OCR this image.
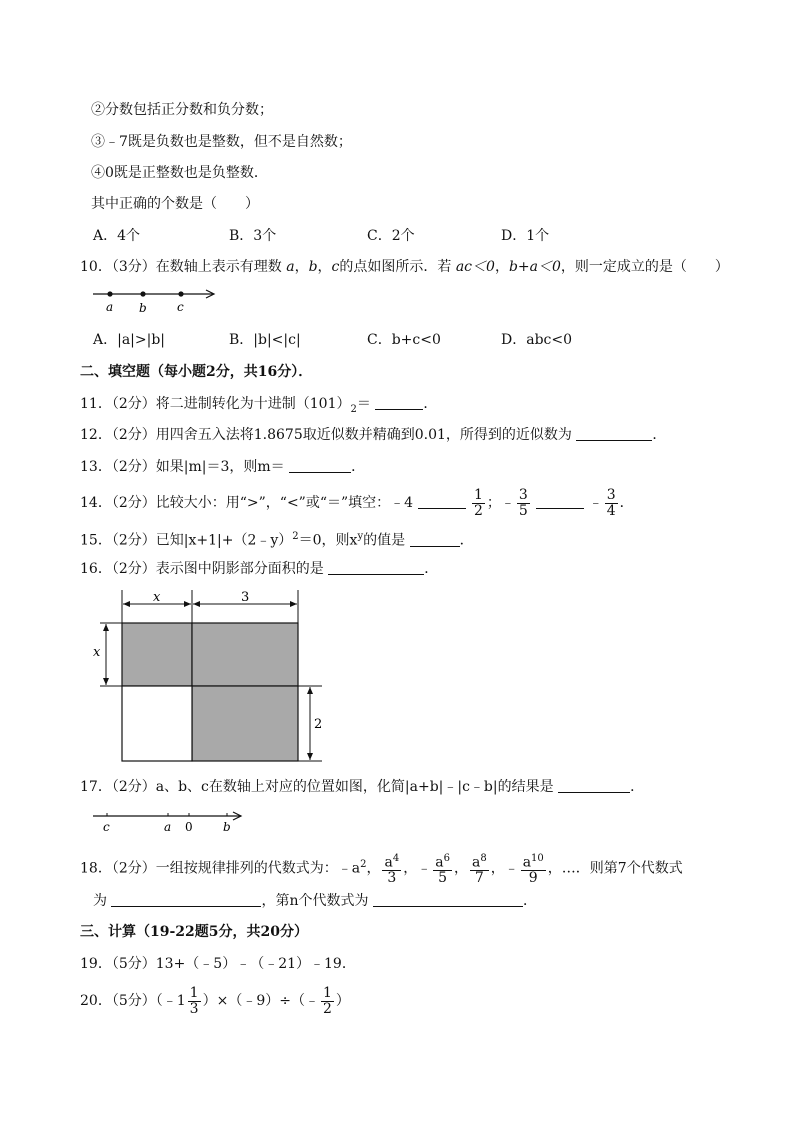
②分数包括正分数和负分数；
③﹣7既是负数也是整数，但不是自然数；
④0既是正整数也是负整数．
其中正确的个数是（　　）
A．4个	B．3个	C．2个	D．1个
10．（3分）在数轴上表示有理数 a，b，c的点如图所示．若 ac＜0，b+a＜0，则一定成立的是（　　）
a b	c
A．|a|>|b|	B．|b|<|c|	C．b+c<0	D．abc<0
二、填空题（每小题2分，共16分）．
11．（2分）将二进制转化为十进制$(101)_2=$	．
12．（2分）用四舍五入法将1.8675取近似数并精确到0.01，所得到的近似数为	．
13．（2分）如果|m|＝3，则m＝	．
14．（2分）比较大小：用“>”，“<”或“＝”填空：﹣4	$\frac{1}{2}$ ；﹣ $\frac{3}{5}$	﹣ $\frac{3}{4}$ ．
15．（2分）已知|x+1|+（2﹣y）$^2$＝0，则$x^y$的值是	．
16．（2分）表示图中阴影部分面积的是	．
x	3
x
2
17．（2分）a、b、c在数轴上对应的位置如图，化简|a+b|﹣|c﹣b|的结果是	．
c	a 0	b
18．（2分）一组按规律排列的代数式为：$﹣a^2$， $\frac{a^4}{3}$ ，﹣ $\frac{a^6}{5}$ ， $\frac{a^8}{7}$ ，﹣ $\frac{a^{10}}{9}$ ，…．则第7个代数式
为	，第n个代数式为	．
三、计算（19-22题5分，共20分）
19．（5分）13+（﹣5）﹣（﹣21）﹣19．
20．（5分）（﹣1 $\frac{1}{3}$ ）×（﹣9）÷（﹣ $\frac{1}{2}$ ）
